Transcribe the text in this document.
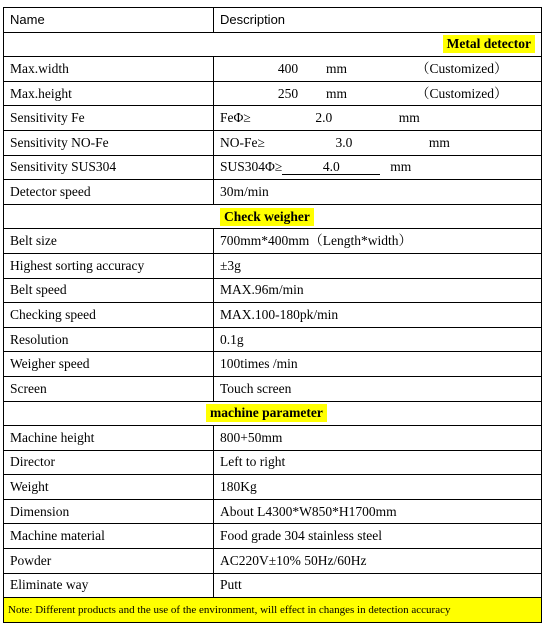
Name	Description
Metal detector	
Max.width	400 mm （Customized）
Max.height	250 mm （Customized）
Sensitivity Fe	FeΦ≥ 2.0 mm
Sensitivity NO-Fe	NO-Fe≥ 3.0 mm
Sensitivity SUS304	SUS304Φ≥ 4.0 mm
Detector speed	30m/min
Check weigher	
Belt size	700mm*400mm（Length*width）
Highest sorting accuracy	±3g
Belt speed	MAX.96m/min
Checking speed	MAX.100-180pk/min
Resolution	0.1g
Weigher speed	100times /min
Screen	Touch screen
machine parameter	
Machine height	800+50mm
Director	Left to right
Weight	180Kg
Dimension	About L4300*W850*H1700mm
Machine material	Food grade 304 stainless steel
Powder	AC220V±10% 50Hz/60Hz
Eliminate way	Putt
Note: Different products and the use of the environment, will effect in changes in detection accuracy	
